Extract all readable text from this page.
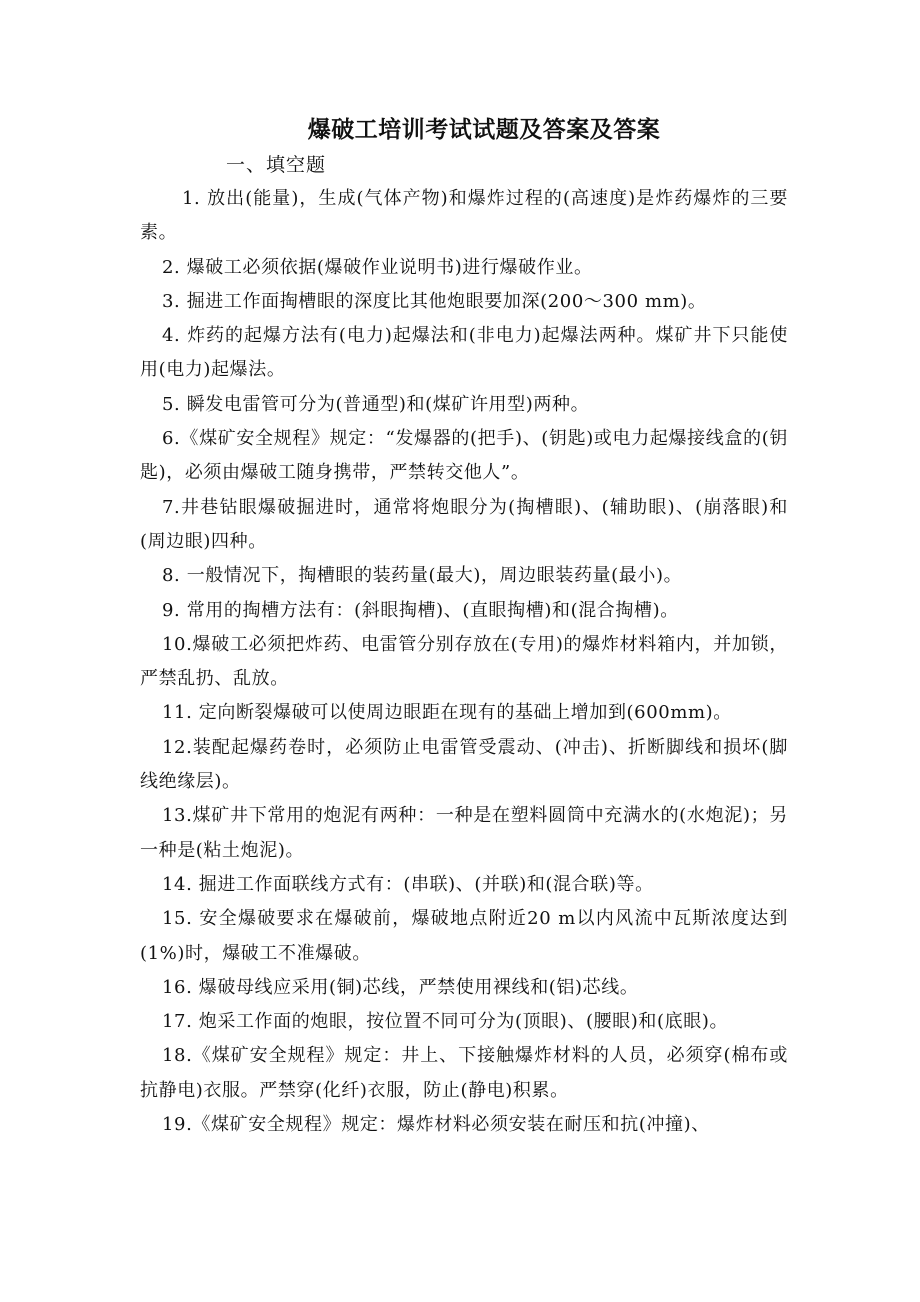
爆破工培训考试试题及答案及答案
一、填空题

1. 放出(能量)，生成(气体产物)和爆炸过程的(高速度)是炸药爆炸的三要素。

2. 爆破工必须依据(爆破作业说明书)进行爆破作业。

3. 掘进工作面掏槽眼的深度比其他炮眼要加深(200～300 mm)。

4. 炸药的起爆方法有(电力)起爆法和(非电力)起爆法两种。煤矿井下只能使用(电力)起爆法。

5. 瞬发电雷管可分为(普通型)和(煤矿许用型)两种。

6.《煤矿安全规程》规定：“发爆器的(把手)、(钥匙)或电力起爆接线盒的(钥匙)，必须由爆破工随身携带，严禁转交他人”。

7.井巷钻眼爆破掘进时，通常将炮眼分为(掏槽眼)、(辅助眼)、(崩落眼)和(周边眼)四种。

8. 一般情况下，掏槽眼的装药量(最大)，周边眼装药量(最小)。

9. 常用的掏槽方法有：(斜眼掏槽)、(直眼掏槽)和(混合掏槽)。

10.爆破工必须把炸药、电雷管分别存放在(专用)的爆炸材料箱内，并加锁，严禁乱扔、乱放。

11. 定向断裂爆破可以使周边眼距在现有的基础上增加到(600mm)。

12.装配起爆药卷时，必须防止电雷管受震动、(冲击)、折断脚线和损坏(脚线绝缘层)。

13.煤矿井下常用的炮泥有两种：一种是在塑料圆筒中充满水的(水炮泥)；另一种是(粘土炮泥)。

14. 掘进工作面联线方式有：(串联)、(并联)和(混合联)等。

15. 安全爆破要求在爆破前，爆破地点附近20 m以内风流中瓦斯浓度达到(1%)时，爆破工不准爆破。

16. 爆破母线应采用(铜)芯线，严禁使用裸线和(铝)芯线。

17. 炮采工作面的炮眼，按位置不同可分为(顶眼)、(腰眼)和(底眼)。

18.《煤矿安全规程》规定：井上、下接触爆炸材料的人员，必须穿(棉布或抗静电)衣服。严禁穿(化纤)衣服，防止(静电)积累。

19.《煤矿安全规程》规定：爆炸材料必须安装在耐压和抗(冲撞)、
